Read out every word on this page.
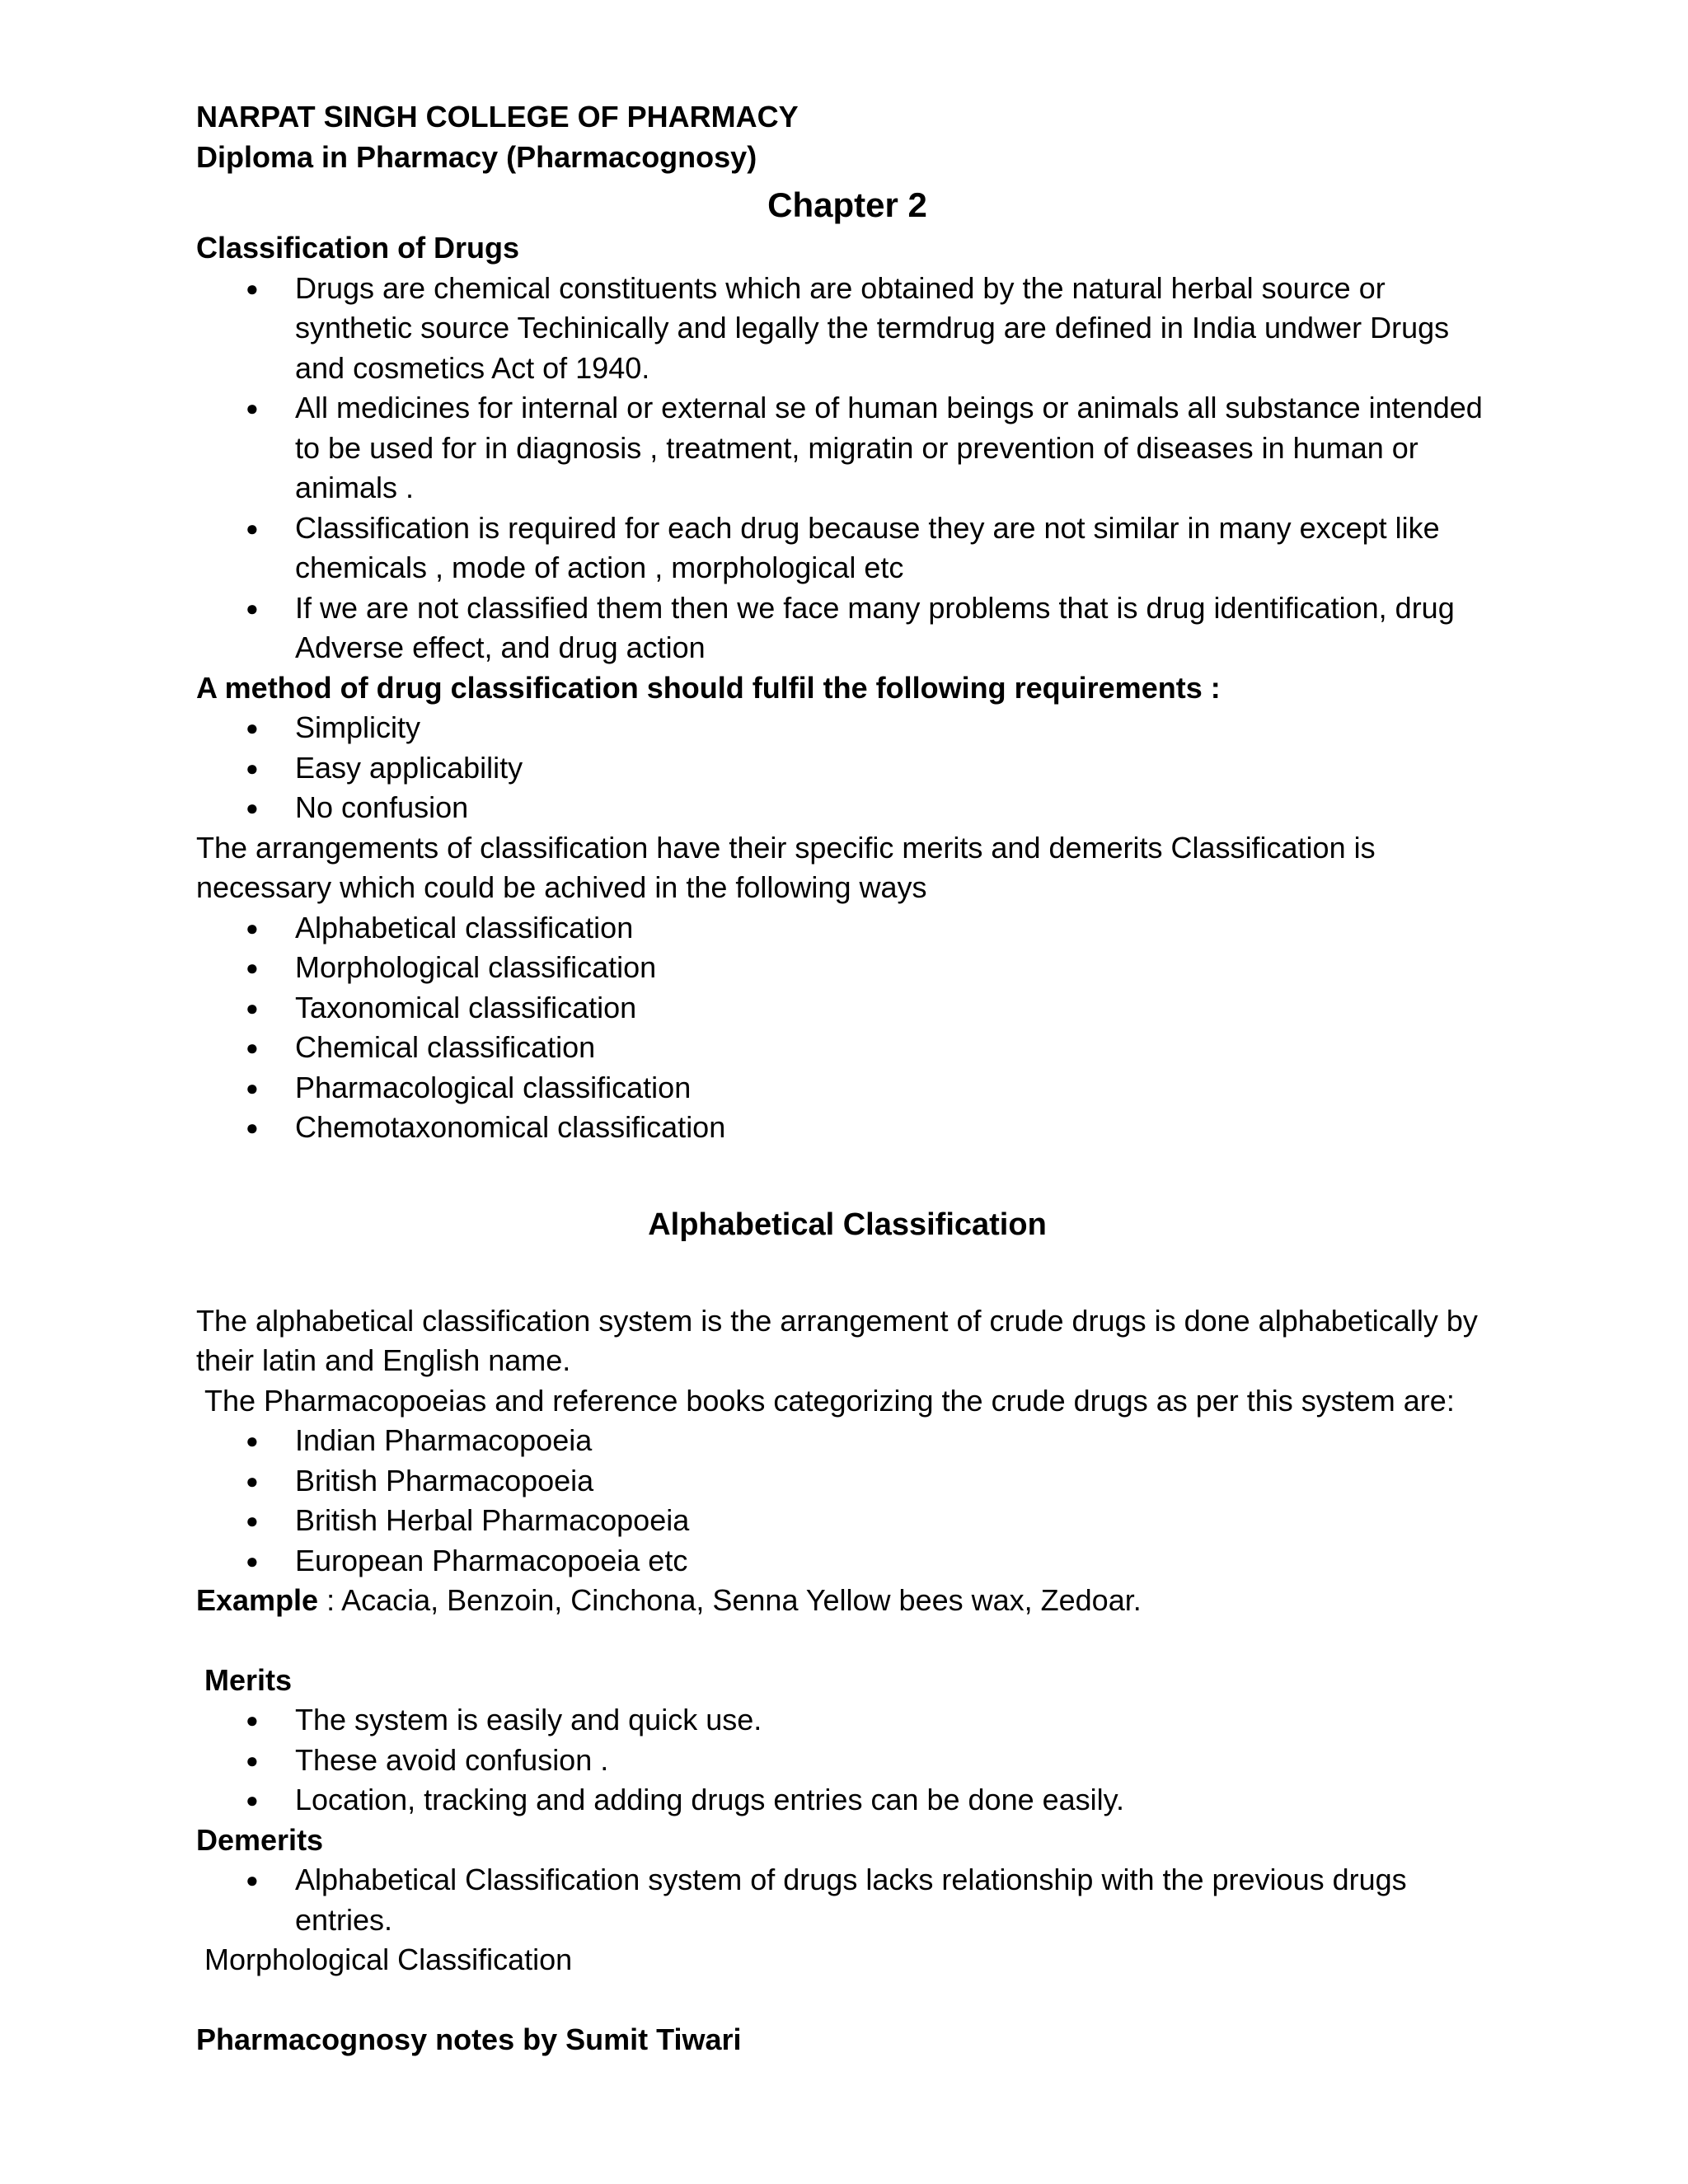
NARPAT SINGH COLLEGE OF PHARMACY

Diploma in Pharmacy (Pharmacognosy)

Chapter 2

Classification of Drugs

● Drugs are chemical constituents which are obtained by the natural herbal source or synthetic source Techinically and legally the termdrug are defined in India undwer Drugs and cosmetics Act of 1940.
● All medicines for internal or external se of human beings or animals all substance intended to be used for in diagnosis , treatment, migratin or prevention of diseases in human or animals .
● Classification is required for each drug because they are not similar in many except like chemicals , mode of action , morphological etc
● If we are not classified them then we face many problems that is drug identification, drug Adverse effect, and drug action

A method of drug classification should fulfil the following requirements :

● Simplicity
● Easy applicability
● No confusion

The arrangements of classification have their specific merits and demerits Classification is necessary which could be achived in the following ways

● Alphabetical classification
● Morphological classification
● Taxonomical classification
● Chemical classification
● Pharmacological classification
● Chemotaxonomical classification

Alphabetical Classification

The alphabetical classification system is the arrangement of crude drugs is done alphabetically by their latin and English name.

The Pharmacopoeias and reference books categorizing the crude drugs as per this system are:

● Indian Pharmacopoeia
● British Pharmacopoeia
● British Herbal Pharmacopoeia
● European Pharmacopoeia etc

Example : Acacia, Benzoin, Cinchona, Senna Yellow bees wax, Zedoar.

Merits

● The system is easily and quick use.
● These avoid confusion .
● Location, tracking and adding drugs entries can be done easily.

Demerits

● Alphabetical Classification system of drugs lacks relationship with the previous drugs entries.

Morphological Classification

Pharmacognosy notes by Sumit Tiwari
